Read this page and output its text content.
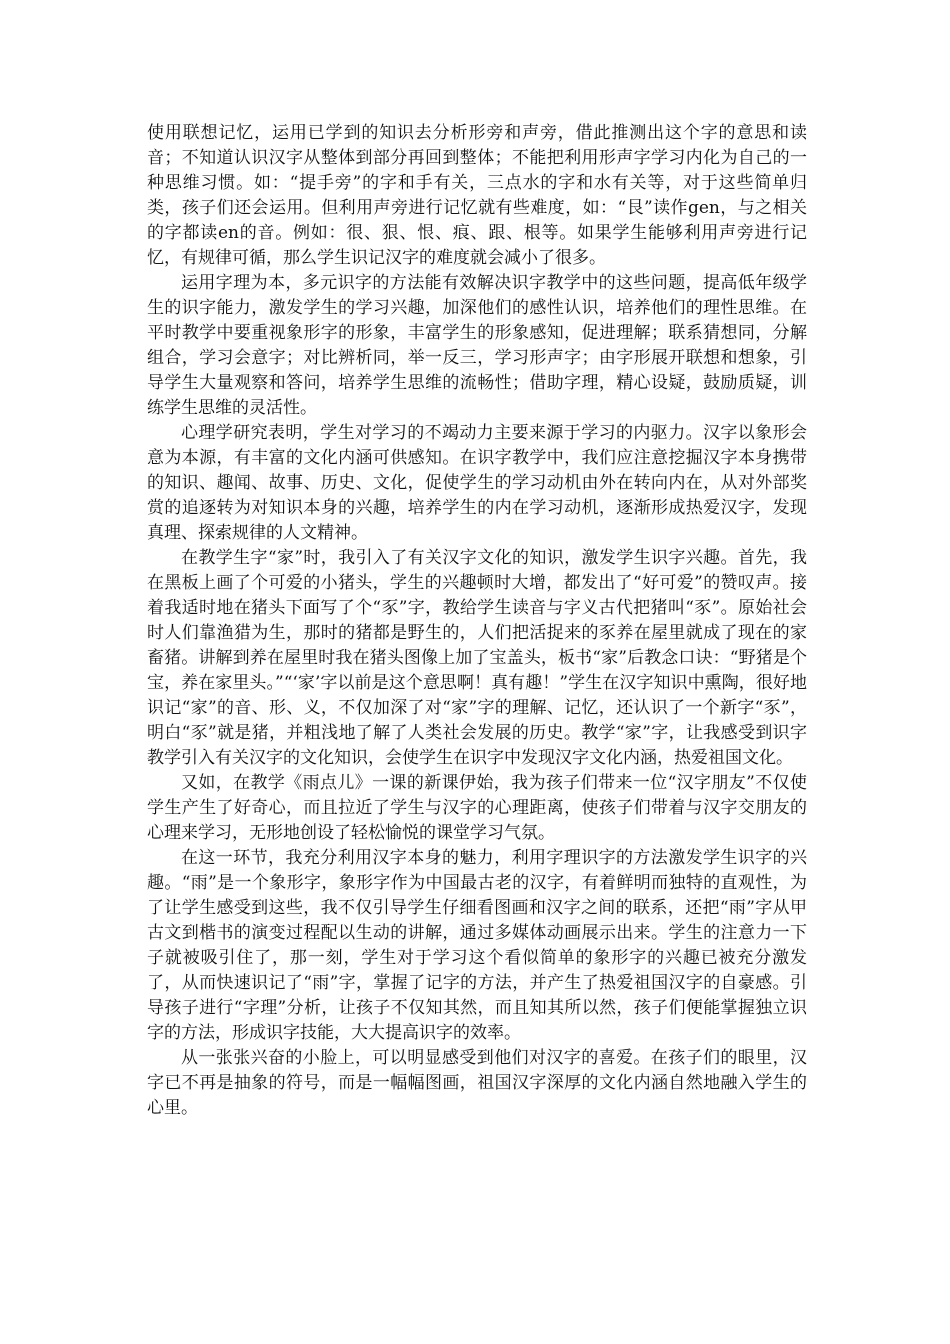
使用联想记忆，运用已学到的知识去分析形旁和声旁，借此推测出这个字的意思和读音；不知道认识汉字从整体到部分再回到整体；不能把利用形声字学习内化为自己的一种思维习惯。如：“提手旁”的字和手有关，三点水的字和水有关等，对于这些简单归类，孩子们还会运用。但利用声旁进行记忆就有些难度，如：“艮”读作gen，与之相关的字都读en的音。例如：很、狠、恨、痕、跟、根等。如果学生能够利用声旁进行记忆，有规律可循，那么学生识记汉字的难度就会减小了很多。

运用字理为本，多元识字的方法能有效解决识字教学中的这些问题，提高低年级学生的识字能力，激发学生的学习兴趣，加深他们的感性认识，培养他们的理性思维。在平时教学中要重视象形字的形象，丰富学生的形象感知，促进理解；联系猜想同，分解组合，学习会意字；对比辨析同，举一反三，学习形声字；由字形展开联想和想象，引导学生大量观察和答问，培养学生思维的流畅性；借助字理，精心设疑，鼓励质疑，训练学生思维的灵活性。

心理学研究表明，学生对学习的不竭动力主要来源于学习的内驱力。汉字以象形会意为本源，有丰富的文化内涵可供感知。在识字教学中，我们应注意挖掘汉字本身携带的知识、趣闻、故事、历史、文化，促使学生的学习动机由外在转向内在，从对外部奖赏的追逐转为对知识本身的兴趣，培养学生的内在学习动机，逐渐形成热爱汉字，发现真理、探索规律的人文精神。

在教学生字“家”时，我引入了有关汉字文化的知识，激发学生识字兴趣。首先，我在黑板上画了个可爱的小猪头，学生的兴趣顿时大增，都发出了“好可爱”的赞叹声。接着我适时地在猪头下面写了个“豕”字，教给学生读音与字义古代把猪叫“豕”。原始社会时人们靠渔猎为生，那时的猪都是野生的，人们把活捉来的豕养在屋里就成了现在的家畜猪。讲解到养在屋里时我在猪头图像上加了宝盖头，板书“家”后教念口诀：“野猪是个宝，养在家里头。”“‘家’字以前是这个意思啊！真有趣！”学生在汉字知识中熏陶，很好地识记“家”的音、形、义，不仅加深了对“家”字的理解、记忆，还认识了一个新字“豕”，明白“豕”就是猪，并粗浅地了解了人类社会发展的历史。教学“家”字，让我感受到识字教学引入有关汉字的文化知识，会使学生在识字中发现汉字文化内涵，热爱祖国文化。

又如，在教学《雨点儿》一课的新课伊始，我为孩子们带来一位“汉字朋友”不仅使学生产生了好奇心，而且拉近了学生与汉字的心理距离，使孩子们带着与汉字交朋友的心理来学习，无形地创设了轻松愉悦的课堂学习气氛。

在这一环节，我充分利用汉字本身的魅力，利用字理识字的方法激发学生识字的兴趣。“雨”是一个象形字，象形字作为中国最古老的汉字，有着鲜明而独特的直观性，为了让学生感受到这些，我不仅引导学生仔细看图画和汉字之间的联系，还把“雨”字从甲古文到楷书的演变过程配以生动的讲解，通过多媒体动画展示出来。学生的注意力一下子就被吸引住了，那一刻，学生对于学习这个看似简单的象形字的兴趣已被充分激发了，从而快速识记了“雨”字，掌握了记字的方法，并产生了热爱祖国汉字的自豪感。引导孩子进行“字理”分析，让孩子不仅知其然，而且知其所以然，孩子们便能掌握独立识字的方法，形成识字技能，大大提高识字的效率。

从一张张兴奋的小脸上，可以明显感受到他们对汉字的喜爱。在孩子们的眼里，汉字已不再是抽象的符号，而是一幅幅图画，祖国汉字深厚的文化内涵自然地融入学生的心里。
